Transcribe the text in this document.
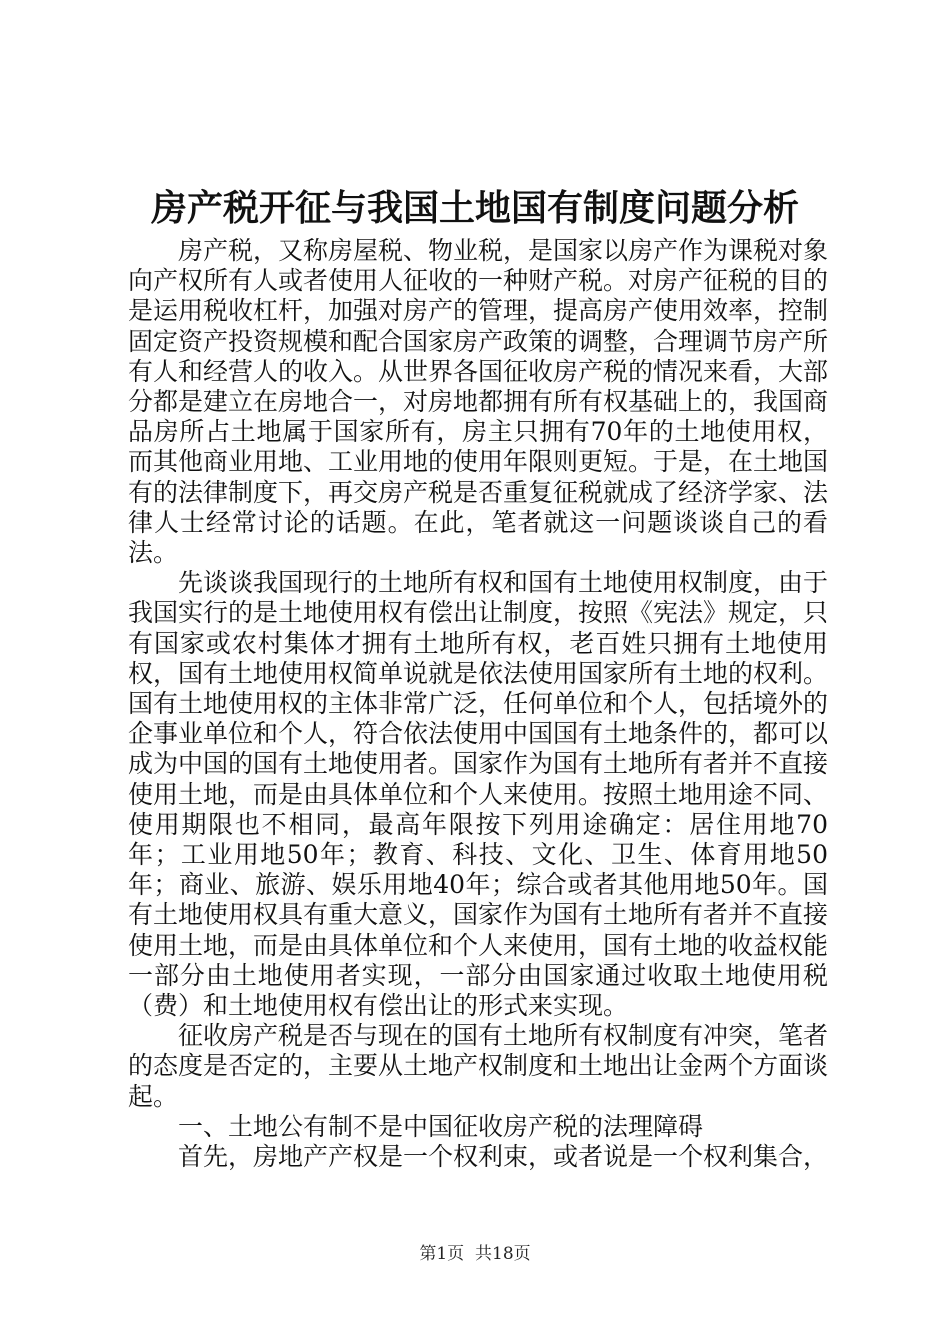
房产税开征与我国土地国有制度问题分析

房产税，又称房屋税、物业税，是国家以房产作为课税对象向产权所有人或者使用人征收的一种财产税。对房产征税的目的是运用税收杠杆，加强对房产的管理，提高房产使用效率，控制固定资产投资规模和配合国家房产政策的调整，合理调节房产所有人和经营人的收入。从世界各国征收房产税的情况来看，大部分都是建立在房地合一，对房地都拥有所有权基础上的，我国商品房所占土地属于国家所有，房主只拥有70年的土地使用权，而其他商业用地、工业用地的使用年限则更短。于是，在土地国有的法律制度下，再交房产税是否重复征税就成了经济学家、法律人士经常讨论的话题。在此，笔者就这一问题谈谈自己的看法。

先谈谈我国现行的土地所有权和国有土地使用权制度，由于我国实行的是土地使用权有偿出让制度，按照《宪法》规定，只有国家或农村集体才拥有土地所有权，老百姓只拥有土地使用权，国有土地使用权简单说就是依法使用国家所有土地的权利。国有土地使用权的主体非常广泛，任何单位和个人，包括境外的企事业单位和个人，符合依法使用中国国有土地条件的，都可以成为中国的国有土地使用者。国家作为国有土地所有者并不直接使用土地，而是由具体单位和个人来使用。按照土地用途不同、使用期限也不相同，最高年限按下列用途确定：居住用地70年；工业用地50年；教育、科技、文化、卫生、体育用地50年；商业、旅游、娱乐用地40年；综合或者其他用地50年。国有土地使用权具有重大意义，国家作为国有土地所有者并不直接使用土地，而是由具体单位和个人来使用，国有土地的收益权能一部分由土地使用者实现，一部分由国家通过收取土地使用税（费）和土地使用权有偿出让的形式来实现。

征收房产税是否与现在的国有土地所有权制度有冲突，笔者的态度是否定的，主要从土地产权制度和土地出让金两个方面谈起。

一、土地公有制不是中国征收房产税的法理障碍

首先，房地产产权是一个权利束，或者说是一个权利集合，

第1页 共18页
